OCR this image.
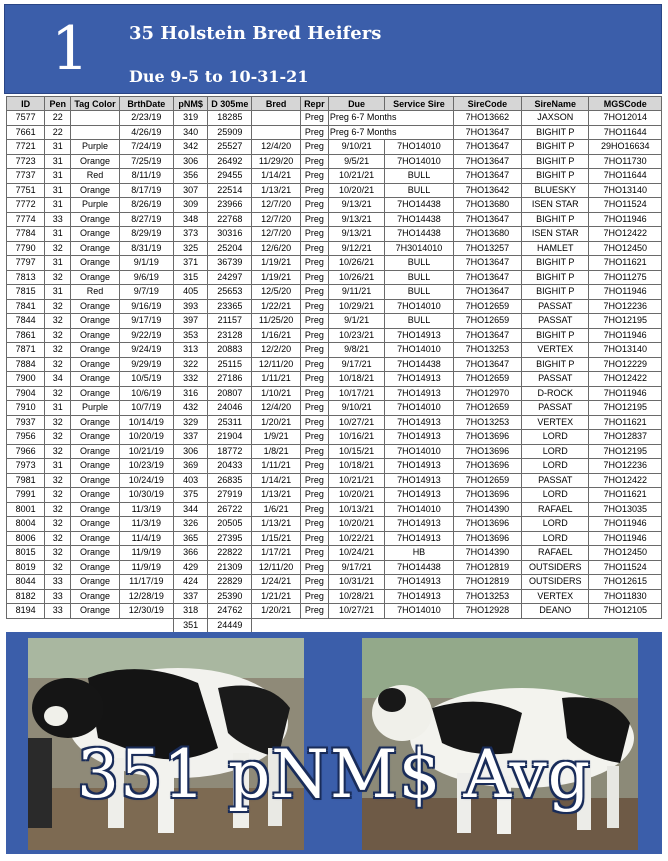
1 35 Holstein Bred Heifers
Due 9-5 to 10-31-21
ID	Pen	Tag Color	BrthDate	pNM$	D 305me	Bred	Repr	Due	Service Sire	SireCode	SireName	MGSCode
7577	22		2/23/19	319	18285		Preg	Preg 6-7 Months		7HO13662	JAXSON	7HO12014
7661	22		4/26/19	340	25909		Preg	Preg 6-7 Months		7HO13647	BIGHIT P	7HO11644
7721	31	Purple	7/24/19	342	25527	12/4/20	Preg	9/10/21	7HO14010	7HO13647	BIGHIT P	29HO16634
7723	31	Orange	7/25/19	306	26492	11/29/20	Preg	9/5/21	7HO14010	7HO13647	BIGHIT P	7HO11730
7737	31	Red	8/11/19	356	29455	1/14/21	Preg	10/21/21	BULL	7HO13647	BIGHIT P	7HO11644
7751	31	Orange	8/17/19	307	22514	1/13/21	Preg	10/20/21	BULL	7HO13642	BLUESKY	7HO13140
7772	31	Purple	8/26/19	309	23966	12/7/20	Preg	9/13/21	7HO14438	7HO13680	ISEN STAR	7HO11524
7774	33	Orange	8/27/19	348	22768	12/7/20	Preg	9/13/21	7HO14438	7HO13647	BIGHIT P	7HO11946
7784	31	Orange	8/29/19	373	30316	12/7/20	Preg	9/13/21	7HO14438	7HO13680	ISEN STAR	7HO12422
7790	32	Orange	8/31/19	325	25204	12/6/20	Preg	9/12/21	7H3014010	7HO13257	HAMLET	7HO12450
7797	31	Orange	9/1/19	371	36739	1/19/21	Preg	10/26/21	BULL	7HO13647	BIGHIT P	7HO11621
7813	32	Orange	9/6/19	315	24297	1/19/21	Preg	10/26/21	BULL	7HO13647	BIGHIT P	7HO11275
7815	31	Red	9/7/19	405	25653	12/5/20	Preg	9/11/21	BULL	7HO13647	BIGHIT P	7HO11946
7841	32	Orange	9/16/19	393	23365	1/22/21	Preg	10/29/21	7HO14010	7HO12659	PASSAT	7HO12236
7844	32	Orange	9/17/19	397	21157	11/25/20	Preg	9/1/21	BULL	7HO12659	PASSAT	7HO12195
7861	32	Orange	9/22/19	353	23128	1/16/21	Preg	10/23/21	7HO14913	7HO13647	BIGHIT P	7HO11946
7871	32	Orange	9/24/19	313	20883	12/2/20	Preg	9/8/21	7HO14010	7HO13253	VERTEX	7HO13140
7884	32	Orange	9/29/19	322	25115	12/11/20	Preg	9/17/21	7HO14438	7HO13647	BIGHIT P	7HO12229
7900	34	Orange	10/5/19	332	27186	1/11/21	Preg	10/18/21	7HO14913	7HO12659	PASSAT	7HO12422
7904	32	Orange	10/6/19	316	20807	1/10/21	Preg	10/17/21	7HO14913	7HO12970	D-ROCK	7HO11946
7910	31	Purple	10/7/19	432	24046	12/4/20	Preg	9/10/21	7HO14010	7HO12659	PASSAT	7HO12195
7937	32	Orange	10/14/19	329	25311	1/20/21	Preg	10/27/21	7HO14913	7HO13253	VERTEX	7HO11621
7956	32	Orange	10/20/19	337	21904	1/9/21	Preg	10/16/21	7HO14913	7HO13696	LORD	7HO12837
7966	32	Orange	10/21/19	306	18772	1/8/21	Preg	10/15/21	7HO14010	7HO13696	LORD	7HO12195
7973	31	Orange	10/23/19	369	20433	1/11/21	Preg	10/18/21	7HO14913	7HO13696	LORD	7HO12236
7981	32	Orange	10/24/19	403	26835	1/14/21	Preg	10/21/21	7HO14913	7HO12659	PASSAT	7HO12422
7991	32	Orange	10/30/19	375	27919	1/13/21	Preg	10/20/21	7HO14913	7HO13696	LORD	7HO11621
8001	32	Orange	11/3/19	344	26722	1/6/21	Preg	10/13/21	7HO14010	7HO14390	RAFAEL	7HO13035
8004	32	Orange	11/3/19	326	20505	1/13/21	Preg	10/20/21	7HO14913	7HO13696	LORD	7HO11946
8006	32	Orange	11/4/19	365	27395	1/15/21	Preg	10/22/21	7HO14913	7HO13696	LORD	7HO11946
8015	32	Orange	11/9/19	366	22822	1/17/21	Preg	10/24/21	HB	7HO14390	RAFAEL	7HO12450
8019	32	Orange	11/9/19	429	21309	12/11/20	Preg	9/17/21	7HO14438	7HO12819	OUTSIDERS	7HO11524
8044	33	Orange	11/17/19	424	22829	1/24/21	Preg	10/31/21	7HO14913	7HO12819	OUTSIDERS	7HO12615
8182	33	Orange	12/28/19	337	25390	1/21/21	Preg	10/28/21	7HO14913	7HO13253	VERTEX	7HO11830
8194	33	Orange	12/30/19	318	24762	1/20/21	Preg	10/27/21	7HO14010	7HO12928	DEANO	7HO12105
				351	24449							
351 pNM$ Avg
